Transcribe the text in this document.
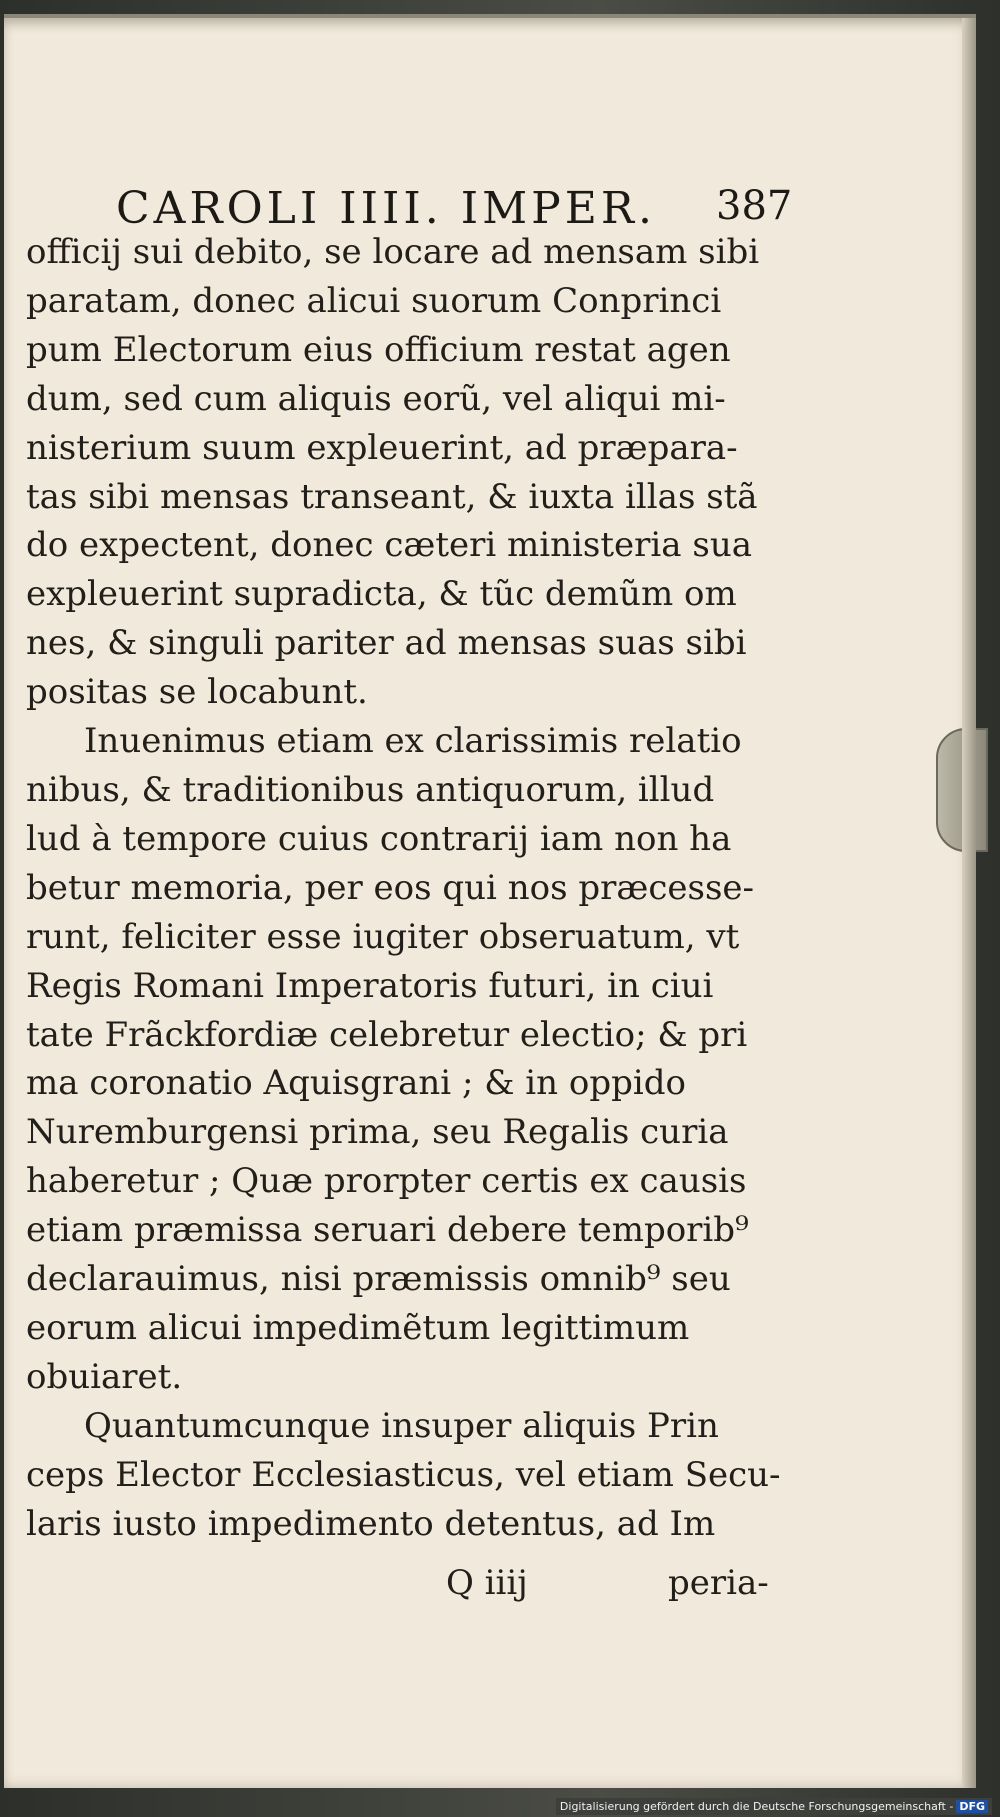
CAROLI IIII. IMPER.	387
officij sui debito, se locare ad mensam sibi
paratam, donec alicui suorum Conprinci
pum Electorum eius officium restat agen
dum, sed cum aliquis eorũ, vel aliqui mi-
nisterium suum expleuerint, ad præpara-
tas sibi mensas transeant, & iuxta illas stã
do expectent, donec cæteri ministeria sua
expleuerint supradicta, & tũc demũm om
nes, & singuli pariter ad mensas suas sibi
positas se locabunt.
Inuenimus etiam ex clarissimis relatio
nibus, & traditionibus antiquorum, illud
lud à tempore cuius contrarij iam non ha
betur memoria, per eos qui nos præcesse-
runt, feliciter esse iugiter obseruatum, vt
Regis Romani Imperatoris futuri, in ciui
tate Frãckfordiæ celebretur electio; & pri
ma coronatio Aquisgrani ; & in oppido
Nuremburgensi prima, seu Regalis curia
haberetur ; Quæ prorpter certis ex causis
etiam præmissa seruari debere temporib⁹
declarauimus, nisi præmissis omnib⁹ seu
eorum alicui impedimẽtum legittimum
obuiaret.
Quantumcunque insuper aliquis Prin
ceps Elector Ecclesiasticus, vel etiam Secu-
laris iusto impedimento detentus, ad Im
Q iiij	peria-
Digitalisierung gefördert durch die Deutsche Forschungsgemeinschaft - DFG
